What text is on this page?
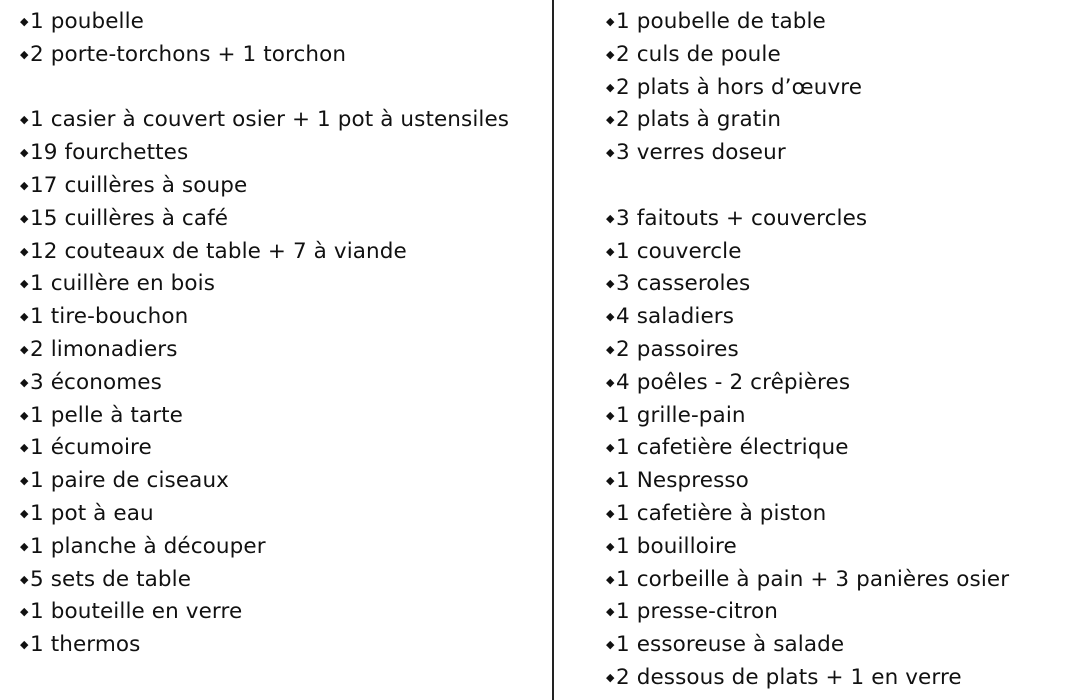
◆1 poubelle
◆2 porte-torchons + 1 torchon
◆1 casier à couvert osier + 1 pot à ustensiles
◆19 fourchettes
◆17 cuillères à soupe
◆15 cuillères à café
◆12 couteaux de table + 7 à viande
◆1 cuillère en bois
◆1 tire-bouchon
◆2 limonadiers
◆3 économes
◆1 pelle à tarte
◆1 écumoire
◆1 paire de ciseaux
◆1 pot à eau
◆1 planche à découper
◆5 sets de table
◆1 bouteille en verre
◆1 thermos
◆1 poubelle de table
◆2 culs de poule
◆2 plats à hors d’œuvre
◆2 plats à gratin
◆3 verres doseur
◆3 faitouts + couvercles
◆1 couvercle
◆3 casseroles
◆4 saladiers
◆2 passoires
◆4 poêles - 2 crêpières
◆1 grille-pain
◆1 cafetière électrique
◆1 Nespresso
◆1 cafetière à piston
◆1 bouilloire
◆1 corbeille à pain + 3 panières osier
◆1 presse-citron
◆1 essoreuse à salade
◆2 dessous de plats + 1 en verre
